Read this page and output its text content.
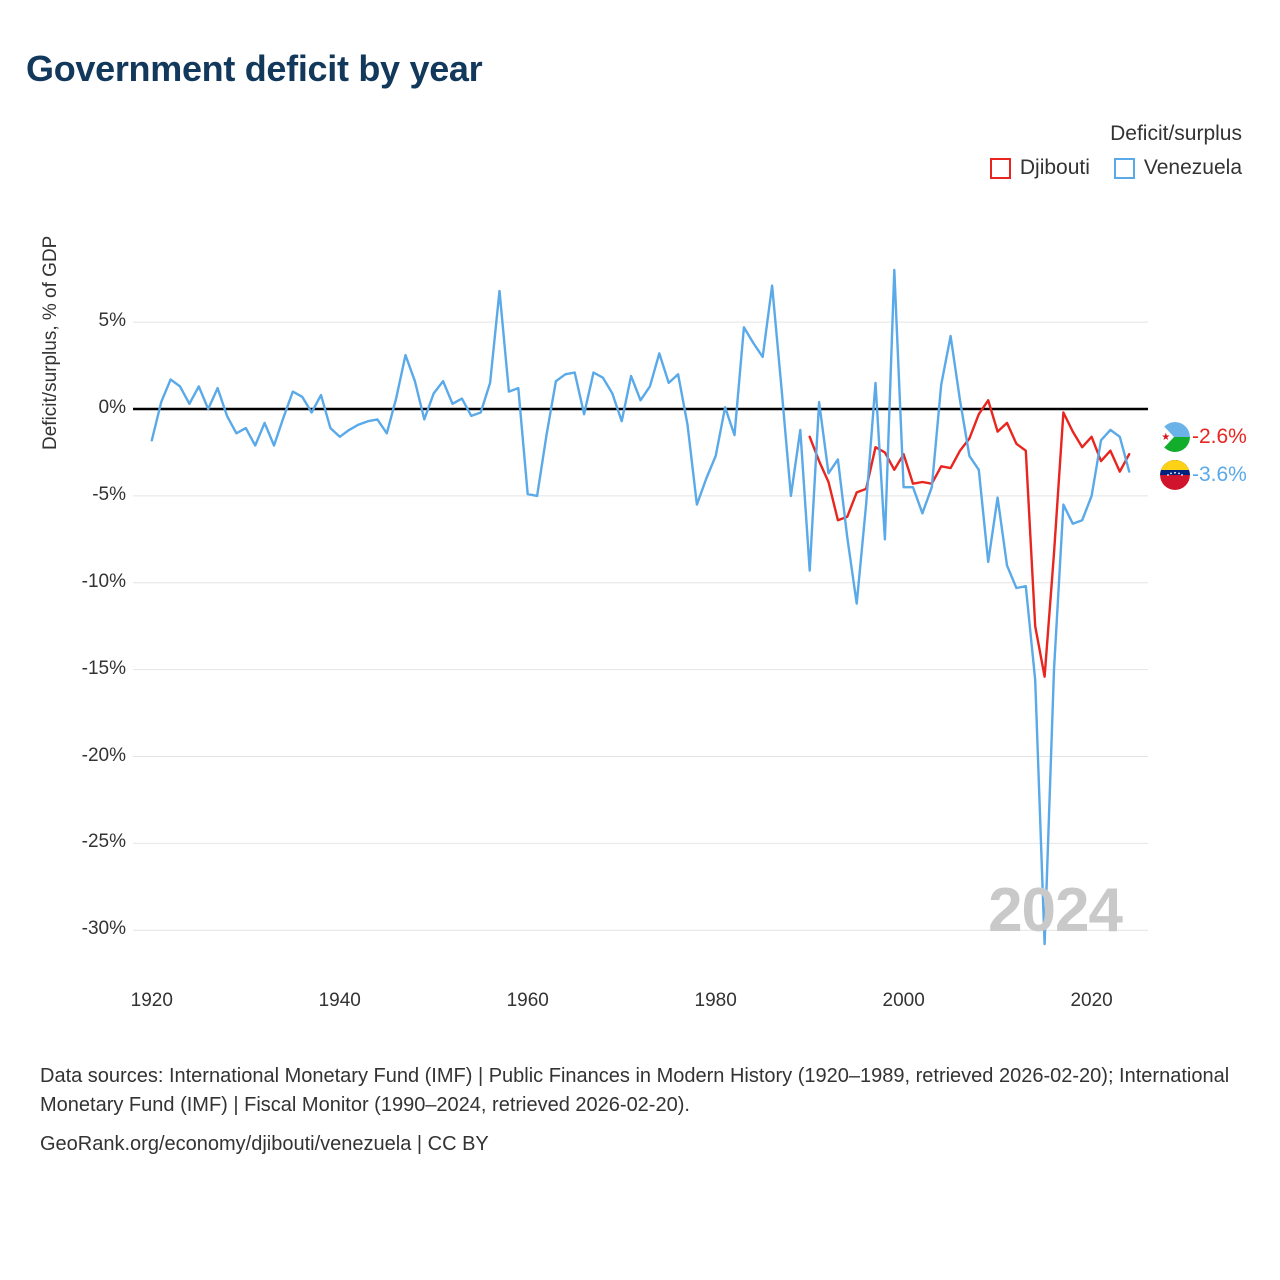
Government deficit by year
Deficit/surplus
Djibouti	Venezuela
Deficit/surplus, % of GDP 5%
0%
-5%
-10%
-15%
-20%
-25%
-30%
1920	1940	1960	1980	2000	2020
2024
-2.6%
-3.6%

Data sources: International Monetary Fund (IMF) | Public Finances in Modern History (1920–1989, retrieved 2026-02-20); International Monetary Fund (IMF) | Fiscal Monitor (1990–2024, retrieved 2026-02-20).

GeoRank.org/economy/djibouti/venezuela | CC BY
